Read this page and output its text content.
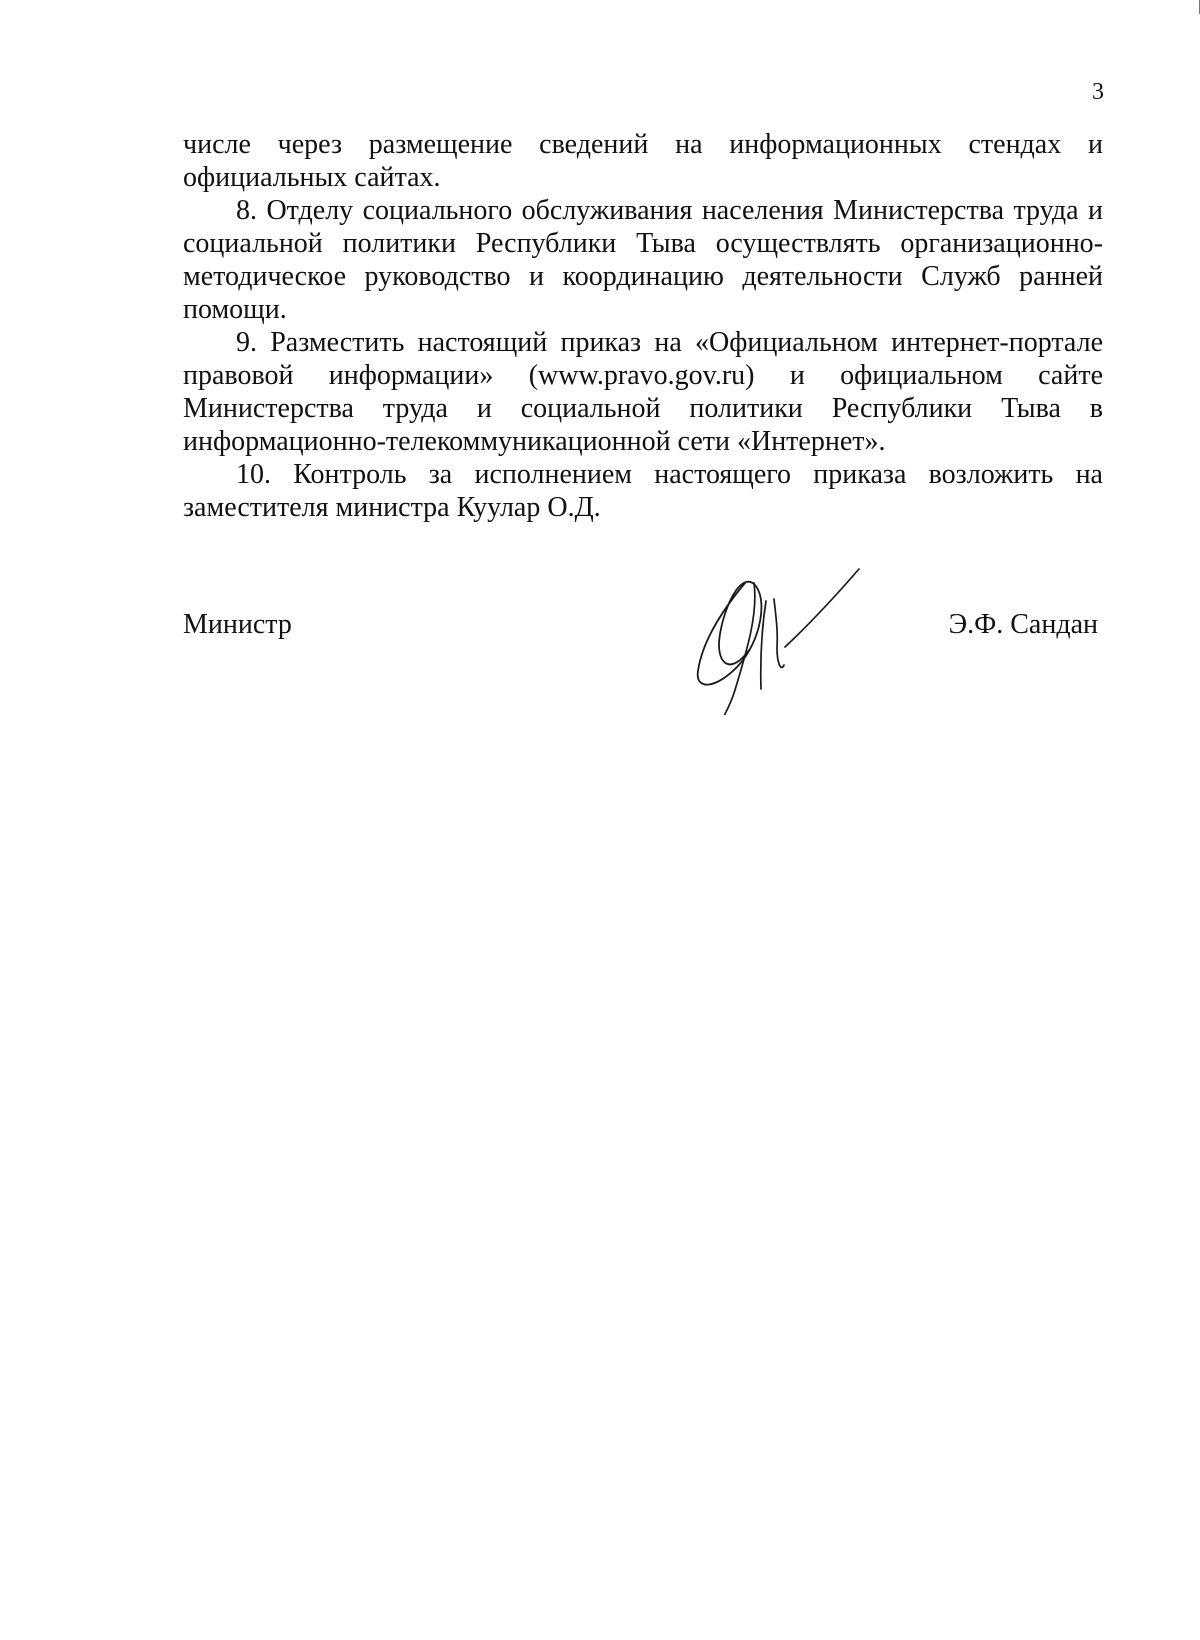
3

числе через размещение сведений на информационных стендах и официальных сайтах.

8. Отделу социального обслуживания населения Министерства труда и социальной политики Республики Тыва осуществлять организационно-методическое руководство и координацию деятельности Служб ранней помощи.

9. Разместить настоящий приказ на «Официальном интернет-портале правовой информации» (www.pravo.gov.ru) и официальном сайте Министерства труда и социальной политики Республики Тыва в информационно-телекоммуникационной сети «Интернет».

10. Контроль за исполнением настоящего приказа возложить на заместителя министра Куулар О.Д.

Министр	Э.Ф. Сандан
